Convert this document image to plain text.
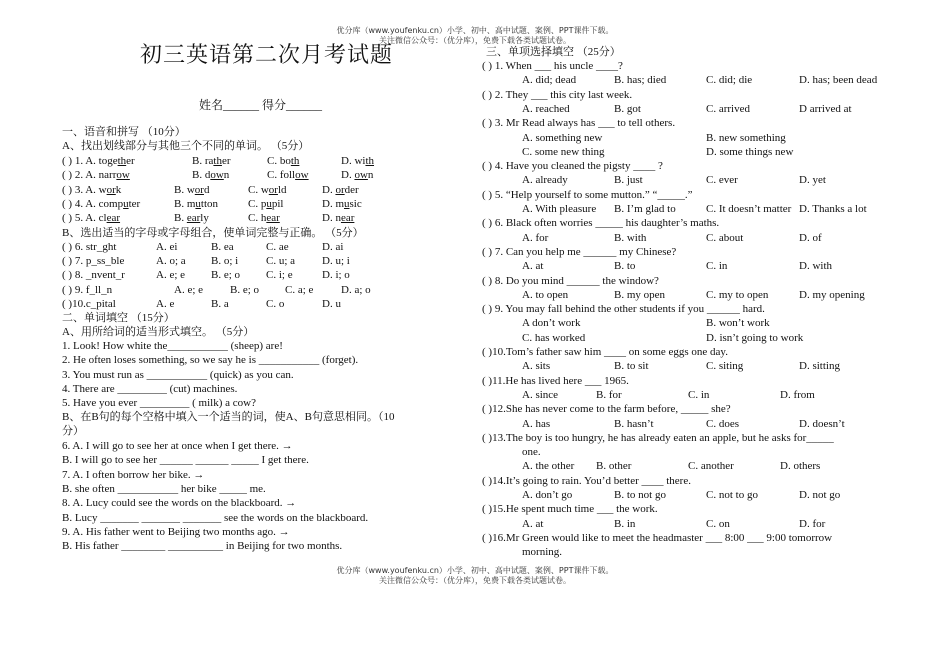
优分库（www.youfenku.cn）小学、初中、高中试题、案例、PPT课件下载。
关注微信公众号：（优分库），免费下载各类试题试卷。
初三英语第二次月考试题
姓名______ 得分______
一、语音和拼写 （10分）
A、找出划线部分与其他三个不同的单词。 （5分）
( ) 1. A. together	B. rather	C. both	D. with
( ) 2. A. narrow	B. down	C. follow	D. own
( ) 3. A. work	B. word	C. world	D. order
( ) 4. A. computer	B. mutton	C. pupil	D. music
( ) 5. A. clear	B. early	C. hear	D. near
B、选出适当的字母或字母组合，使单词完整与正确。 （5分）
( ) 6. str_ght	A. ei	B. ea	C. ae	D. ai
( ) 7. p_ss_ble	A. o; a B. o; i	C. u; a D. u; i
( ) 8. _nvent_r	A. e; e B. e; o C. i; e	D. i; o
( ) 9. f_ll_n	A. e; e B. e; o C. a; e	D. a; o
( )10.c_pital	A. e	B. a	C. o	D. u
二、单词填空 （15分）
A、用所给词的适当形式填空。 （5分）
1. Look! How white the___________ (sheep) are!
2. He often loses something, so we say he is ___________ (forget).
3. You must run as ___________ (quick) as you can.
4. There are _________ (cut) machines.
5. Have you ever _________ ( milk) a cow?
B、在B句的每个空格中填入一个适当的词，使A、B句意思相同。（10
分）
6. A. I will go to see her at once when I get there. →
B. I will go to see her ______ ______ _____ I get there.
7. A. I often borrow her bike. →
B. she often ___________ her bike _____ me.
8. A. Lucy could see the words on the blackboard. →
B. Lucy _______ _______ _______ see the words on the blackboard.
9. A. His father went to Beijing two months ago. →
B. His father ________ __________ in Beijing for two months.
三、单项选择填空 （25分）
( ) 1. When ___ his uncle ____?
A. did; dead	B. has; died	C. did; die	D. has; been dead
( ) 2. They ___ this city last week.
A. reached	B. got	C. arrived	D arrived at
( ) 3. Mr Read always has ___ to tell others.
A. something new	B. new something
C. some new thing	D. some things new
( ) 4. Have you cleaned the pigsty ____ ?
A. already	B. just	C. ever	D. yet
( ) 5. “Help yourself to some mutton.” “_____.”
A. With pleasure B. I’m glad to	C. It doesn’t matter D. Thanks a lot
( ) 6. Black often worries _____ his daughter’s maths.
A. for	B. with	C. about	D. of
( ) 7. Can you help me ______ my Chinese?
A. at	B. to	C. in	D. with
( ) 8. Do you mind ______ the window?
A. to open	B. my open	C. my to open	D. my opening
( ) 9. You may fall behind the other students if you ______ hard.
A don’t work	B. won’t work
C. has worked	D. isn’t going to work
( )10.Tom’s father saw him ____ on some eggs one day.
A. sits	B. to sit	C. siting	D. sitting
( )11.He has lived here ___ 1965.
A. since	B. for	C. in	D. from
( )12.She has never come to the farm before, _____ she?
A. has	B. hasn’t	C. does	D. doesn’t
( )13.The boy is too hungry, he has already eaten an apple, but he asks for_____
one.
A. the other B. other	C. another	D. others
( )14.It’s going to rain. You’d better ____ there.
A. don’t go	B. to not go	C. not to go	D. not go
( )15.He spent much time ___ the work.
A. at	B. in	C. on	D. for
( )16.Mr Green would like to meet the headmaster ___ 8:00 ___ 9:00 tomorrow
morning.
优分库（www.youfenku.cn）小学、初中、高中试题、案例、PPT课件下载。
关注微信公众号：（优分库），免费下载各类试题试卷。
